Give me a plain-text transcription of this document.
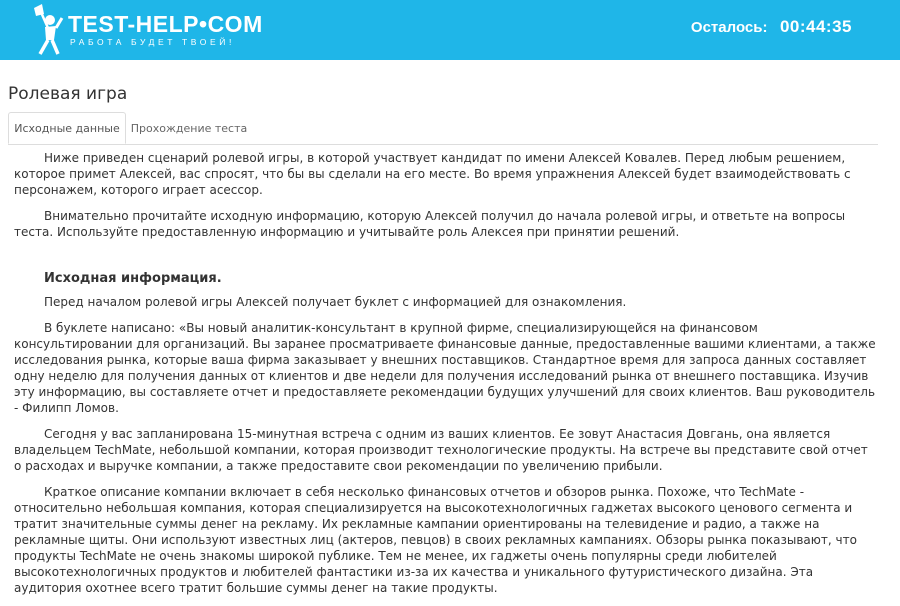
TEST-HELP•COM
РАБОТА БУДЕТ ТВОЕЙ!
Осталось: 00:44:35
Ролевая игра
Исходные данные	Прохождение теста

Ниже приведен сценарий ролевой игры, в которой участвует кандидат по имени Алексей Ковалев. Перед любым решением, которое примет Алексей, вас спросят, что бы вы сделали на его месте. Во время упражнения Алексей будет взаимодействовать с персонажем, которого играет асессор.

Внимательно прочитайте исходную информацию, которую Алексей получил до начала ролевой игры, и ответьте на вопросы теста. Используйте предоставленную информацию и учитывайте роль Алексея при принятии решений.

Исходная информация.

Перед началом ролевой игры Алексей получает буклет с информацией для ознакомления.

В буклете написано: «Вы новый аналитик-консультант в крупной фирме, специализирующейся на финансовом консультировании для организаций. Вы заранее просматриваете финансовые данные, предоставленные вашими клиентами, а также исследования рынка, которые ваша фирма заказывает у внешних поставщиков. Стандартное время для запроса данных составляет одну неделю для получения данных от клиентов и две недели для получения исследований рынка от внешнего поставщика. Изучив эту информацию, вы составляете отчет и предоставляете рекомендации будущих улучшений для своих клиентов. Ваш руководитель - Филипп Ломов.

Сегодня у вас запланирована 15-минутная встреча с одним из ваших клиентов. Ее зовут Анастасия Довгань, она является владельцем TechMate, небольшой компании, которая производит технологические продукты. На встрече вы представите свой отчет о расходах и выручке компании, а также предоставите свои рекомендации по увеличению прибыли.

Краткое описание компании включает в себя несколько финансовых отчетов и обзоров рынка. Похоже, что TechMate - относительно небольшая компания, которая специализируется на высокотехнологичных гаджетах высокого ценового сегмента и тратит значительные суммы денег на рекламу. Их рекламные кампании ориентированы на телевидение и радио, а также на рекламные щиты. Они используют известных лиц (актеров, певцов) в своих рекламных кампаниях. Обзоры рынка показывают, что продукты TechMate не очень знакомы широкой публике. Тем не менее, их гаджеты очень популярны среди любителей высокотехнологичных продуктов и любителей фантастики из-за их качества и уникального футуристического дизайна. Эта аудитория охотнее всего тратит большие суммы денег на такие продукты.
